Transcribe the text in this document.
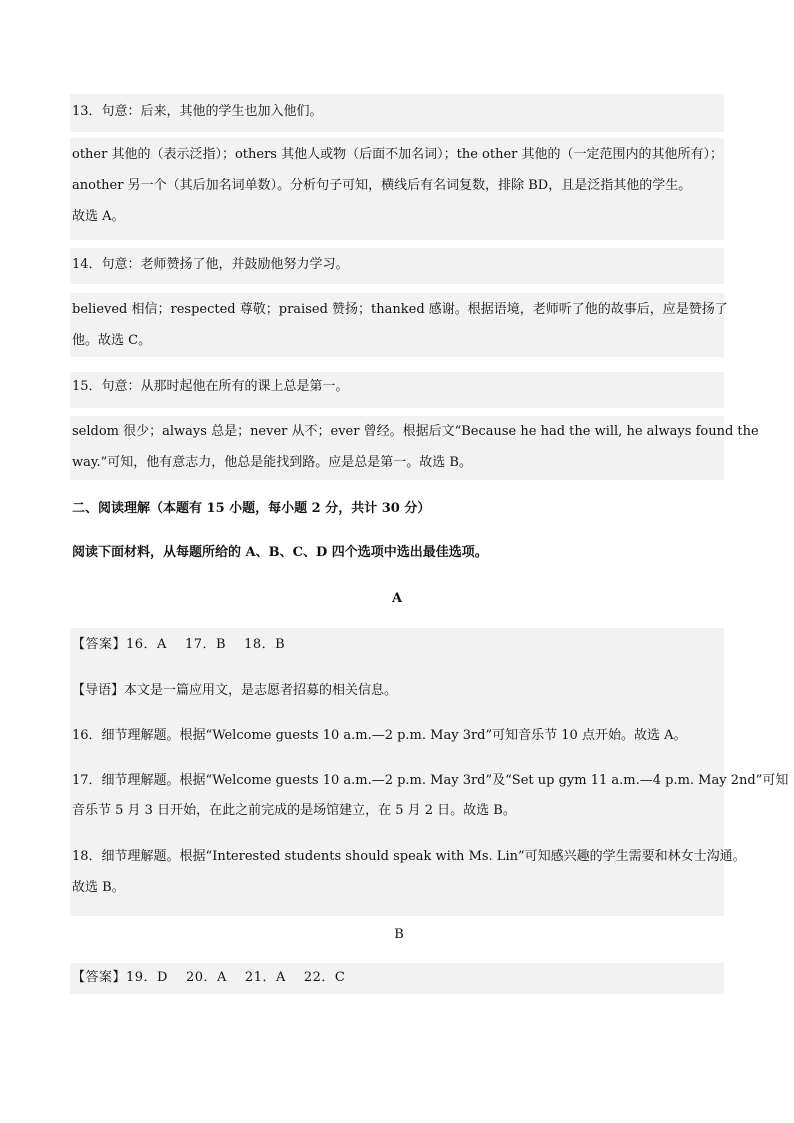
13．句意：后来，其他的学生也加入他们。
other 其他的（表示泛指）；others 其他人或物（后面不加名词）；the other 其他的（一定范围内的其他所有）；
another 另一个（其后加名词单数）。分析句子可知，横线后有名词复数，排除 BD，且是泛指其他的学生。
故选 A。
14．句意：老师赞扬了他，并鼓励他努力学习。
believed 相信；respected 尊敬；praised 赞扬；thanked 感谢。根据语境，老师听了他的故事后，应是赞扬了
他。故选 C。
15．句意：从那时起他在所有的课上总是第一。
seldom 很少；always 总是；never 从不；ever 曾经。根据后文“Because he had the will, he always found the
way.”可知，他有意志力，他总是能找到路。应是总是第一。故选 B。
二、阅读理解（本题有 15 小题，每小题 2 分，共计 30 分）
阅读下面材料，从每题所给的 A、B、C、D 四个选项中选出最佳选项。
A
【答案】16．A 17．B 18．B
【导语】本文是一篇应用文，是志愿者招募的相关信息。
16．细节理解题。根据“Welcome guests 10 a.m.—2 p.m. May 3rd”可知音乐节 10 点开始。故选 A。
17．细节理解题。根据“Welcome guests 10 a.m.—2 p.m. May 3rd”及“Set up gym 11 a.m.—4 p.m. May 2nd”可知
音乐节 5 月 3 日开始，在此之前完成的是场馆建立，在 5 月 2 日。故选 B。
18．细节理解题。根据“Interested students should speak with Ms. Lin”可知感兴趣的学生需要和林女士沟通。
故选 B。
B
【答案】19．D 20．A 21．A 22．C
